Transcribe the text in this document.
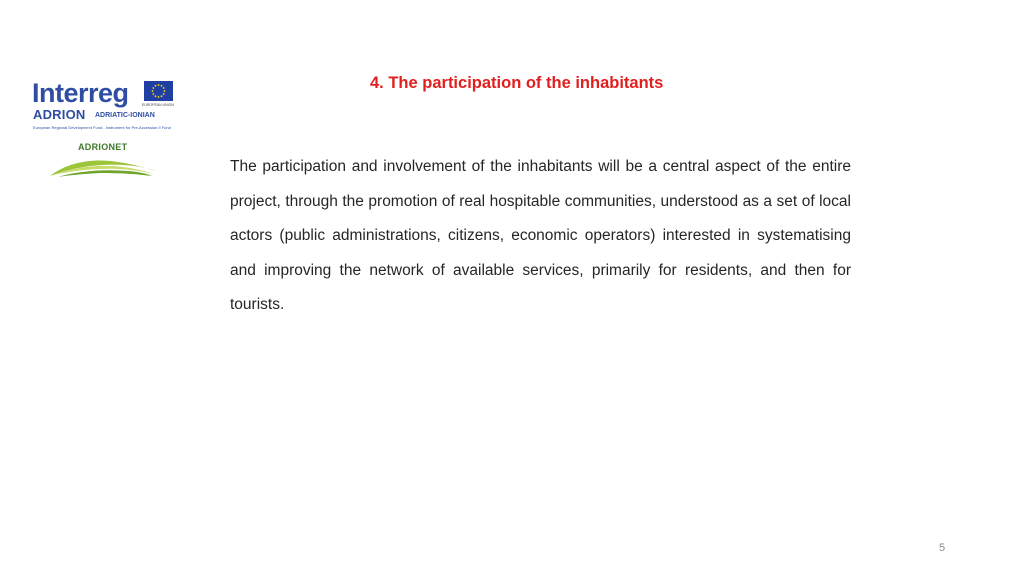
Interreg	EUROPEAN UNION
ADRION ADRIATIC-IONIAN
European Regional Development Fund - Instrument for Pre-Accession II Fund
ADRIONET
4. The participation of the inhabitants

The participation and involvement of the inhabitants will be a central aspect of the entire project, through the promotion of real hospitable communities, understood as a set of local actors (public administrations, citizens, economic operators) interested in systematising and improving the network of available services, primarily for residents, and then for tourists.

5
